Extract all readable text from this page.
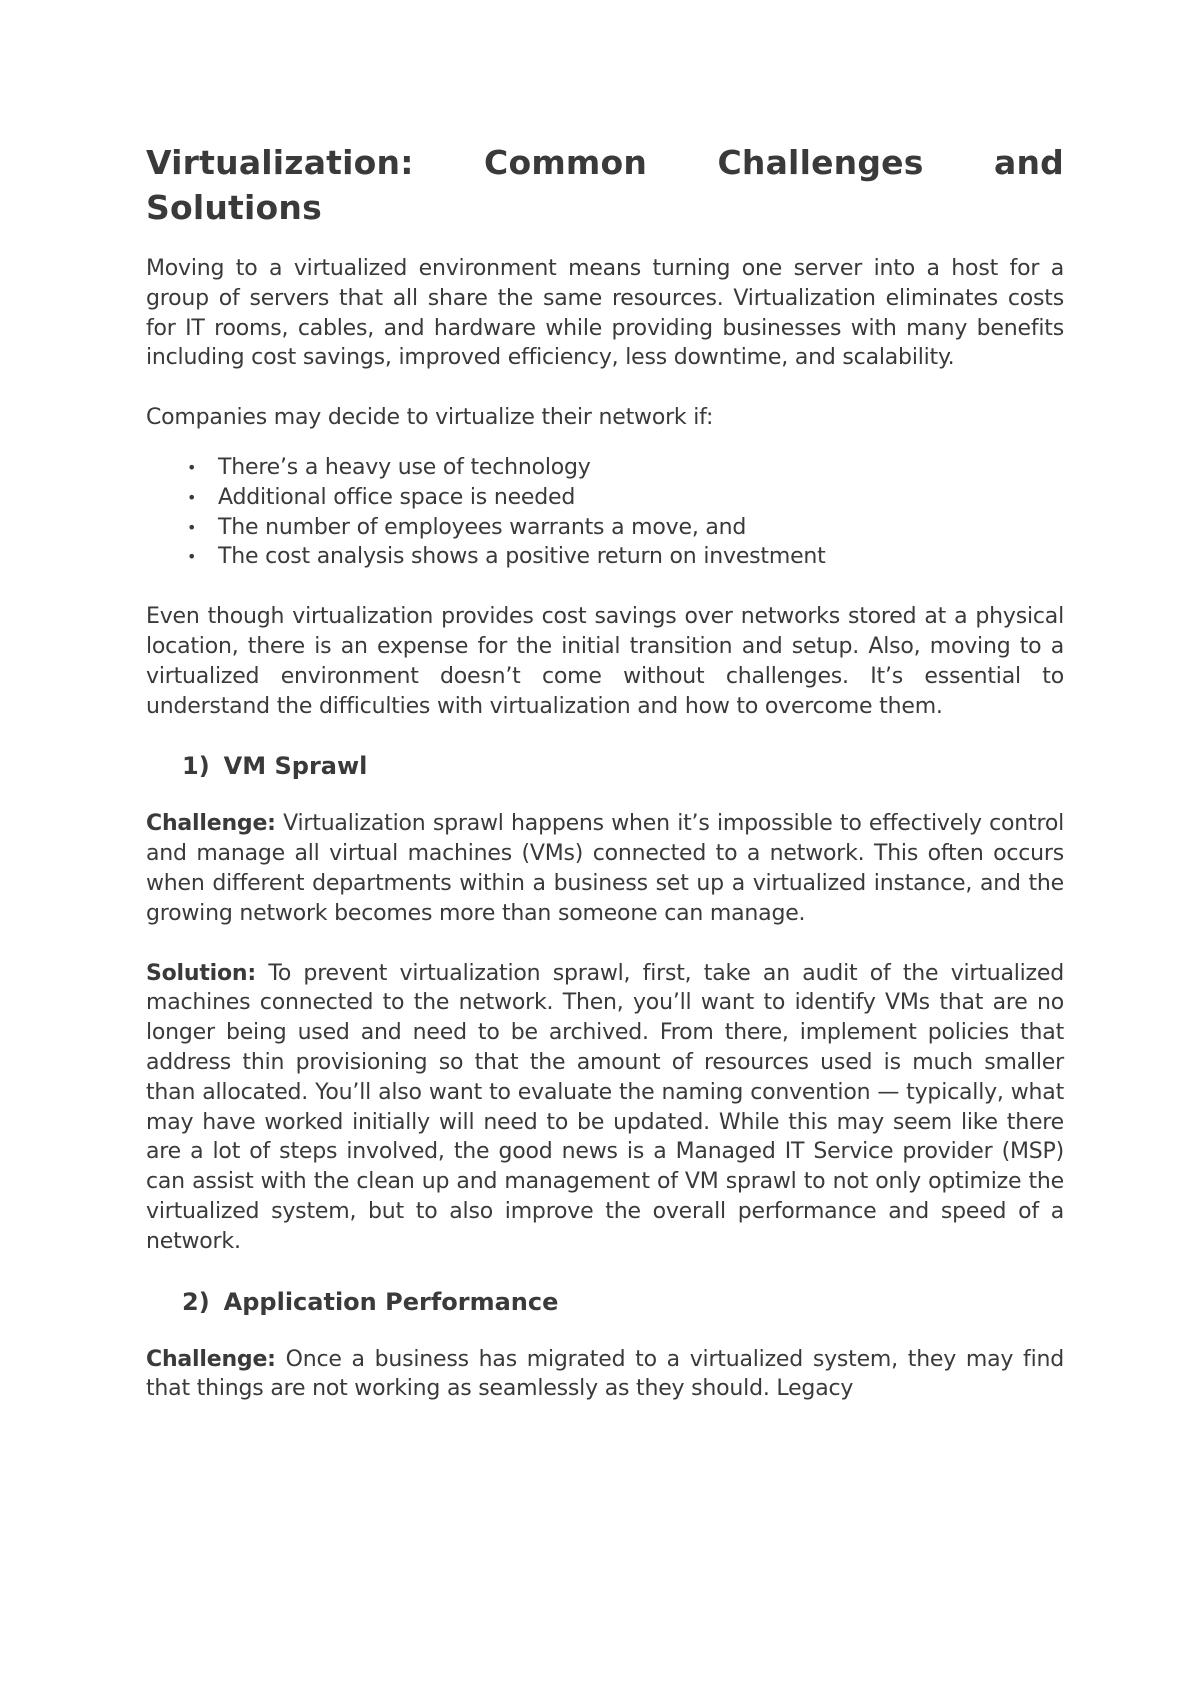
Virtualization: Common Challenges and Solutions

Moving to a virtualized environment means turning one server into a host for a group of servers that all share the same resources. Virtualization eliminates costs for IT rooms, cables, and hardware while providing businesses with many benefits including cost savings, improved efficiency, less downtime, and scalability.

Companies may decide to virtualize their network if:

• There’s a heavy use of technology
• Additional office space is needed
• The number of employees warrants a move, and
• The cost analysis shows a positive return on investment

Even though virtualization provides cost savings over networks stored at a physical location, there is an expense for the initial transition and setup. Also, moving to a virtualized environment doesn’t come without challenges. It’s essential to understand the difficulties with virtualization and how to overcome them.

1) VM Sprawl

Challenge: Virtualization sprawl happens when it’s impossible to effectively control and manage all virtual machines (VMs) connected to a network. This often occurs when different departments within a business set up a virtualized instance, and the growing network becomes more than someone can manage.

Solution: To prevent virtualization sprawl, first, take an audit of the virtualized machines connected to the network. Then, you’ll want to identify VMs that are no longer being used and need to be archived. From there, implement policies that address thin provisioning so that the amount of resources used is much smaller than allocated. You’ll also want to evaluate the naming convention — typically, what may have worked initially will need to be updated. While this may seem like there are a lot of steps involved, the good news is a Managed IT Service provider (MSP) can assist with the clean up and management of VM sprawl to not only optimize the virtualized system, but to also improve the overall performance and speed of a network.

2) Application Performance

Challenge: Once a business has migrated to a virtualized system, they may find that things are not working as seamlessly as they should. Legacy
